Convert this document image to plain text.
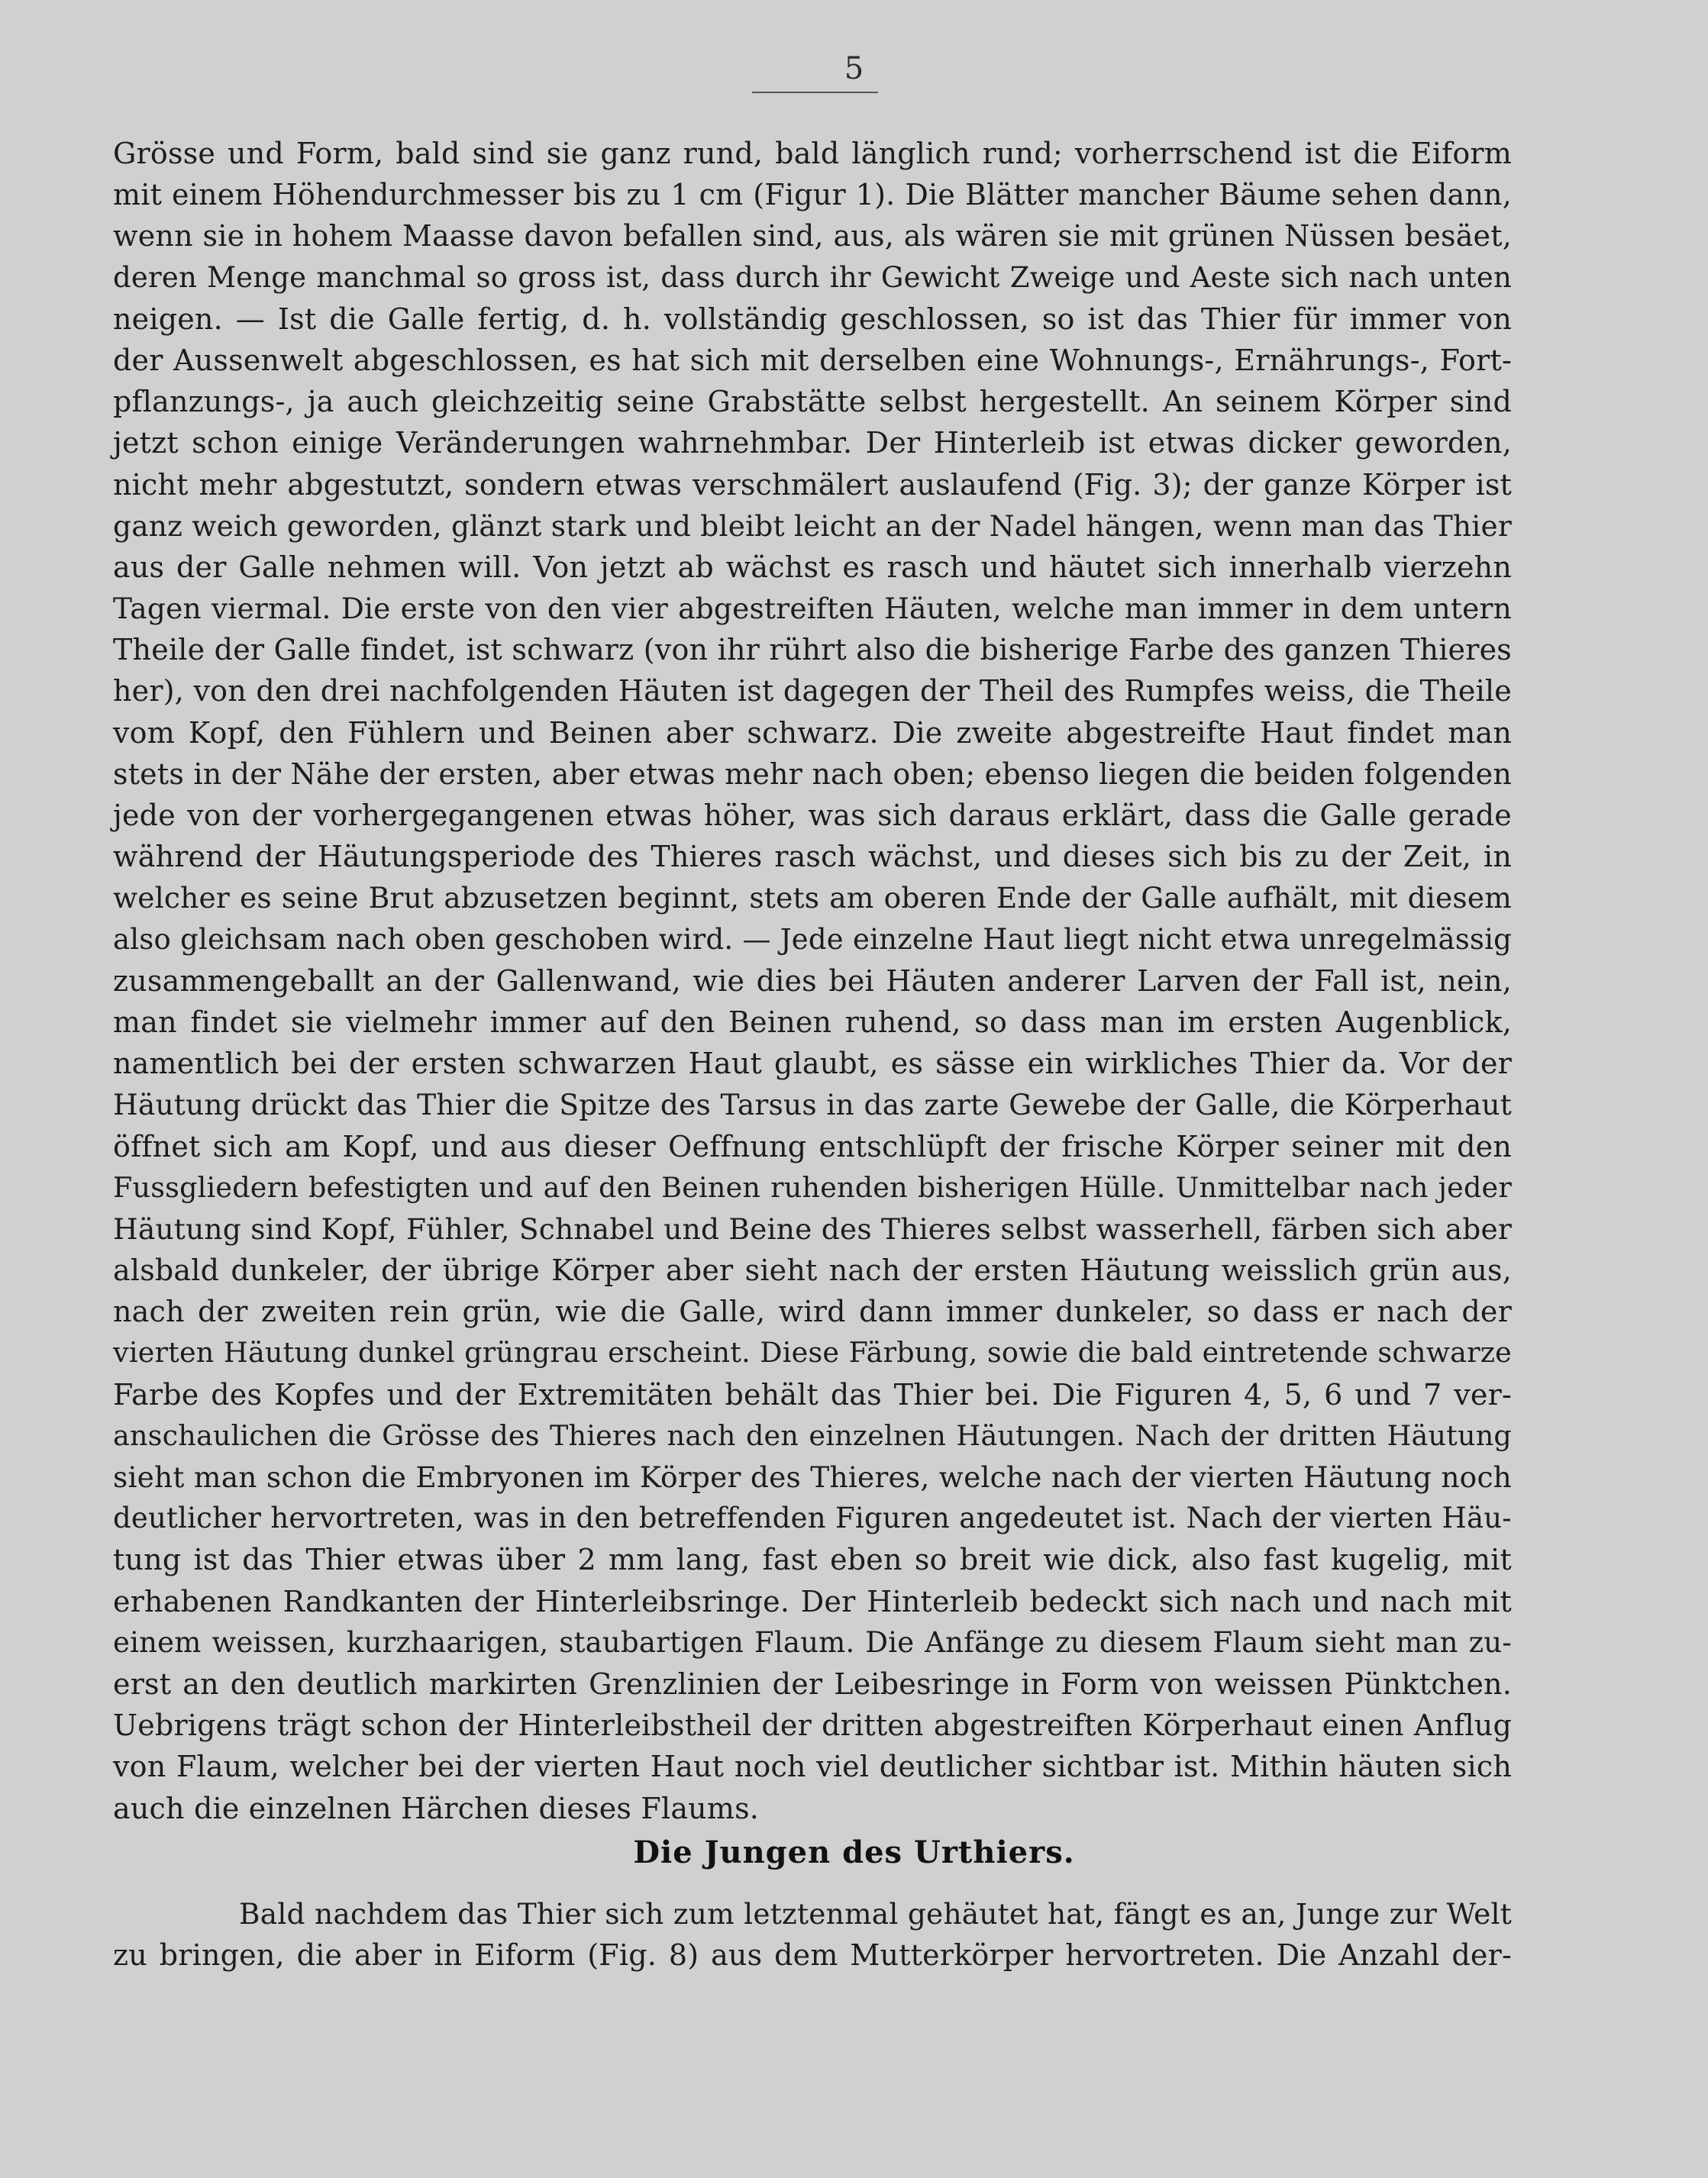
5
Grösse und Form, bald sind sie ganz rund, bald länglich rund; vorherrschend ist die Eiform
mit einem Höhendurchmesser bis zu 1 cm (Figur 1). Die Blätter mancher Bäume sehen dann,
wenn sie in hohem Maasse davon befallen sind, aus, als wären sie mit grünen Nüssen besäet,
deren Menge manchmal so gross ist, dass durch ihr Gewicht Zweige und Aeste sich nach unten
neigen. — Ist die Galle fertig, d. h. vollständig geschlossen, so ist das Thier für immer von
der Aussenwelt abgeschlossen, es hat sich mit derselben eine Wohnungs-, Ernährungs-, Fort-
pflanzungs-, ja auch gleichzeitig seine Grabstätte selbst hergestellt. An seinem Körper sind
jetzt schon einige Veränderungen wahrnehmbar. Der Hinterleib ist etwas dicker geworden,
nicht mehr abgestutzt, sondern etwas verschmälert auslaufend (Fig. 3); der ganze Körper ist
ganz weich geworden, glänzt stark und bleibt leicht an der Nadel hängen, wenn man das Thier
aus der Galle nehmen will. Von jetzt ab wächst es rasch und häutet sich innerhalb vierzehn
Tagen viermal. Die erste von den vier abgestreiften Häuten, welche man immer in dem untern
Theile der Galle findet, ist schwarz (von ihr rührt also die bisherige Farbe des ganzen Thieres
her), von den drei nachfolgenden Häuten ist dagegen der Theil des Rumpfes weiss, die Theile
vom Kopf, den Fühlern und Beinen aber schwarz. Die zweite abgestreifte Haut findet man
stets in der Nähe der ersten, aber etwas mehr nach oben; ebenso liegen die beiden folgenden
jede von der vorhergegangenen etwas höher, was sich daraus erklärt, dass die Galle gerade
während der Häutungsperiode des Thieres rasch wächst, und dieses sich bis zu der Zeit, in
welcher es seine Brut abzusetzen beginnt, stets am oberen Ende der Galle aufhält, mit diesem
also gleichsam nach oben geschoben wird. — Jede einzelne Haut liegt nicht etwa unregelmässig
zusammengeballt an der Gallenwand, wie dies bei Häuten anderer Larven der Fall ist, nein,
man findet sie vielmehr immer auf den Beinen ruhend, so dass man im ersten Augenblick,
namentlich bei der ersten schwarzen Haut glaubt, es sässe ein wirkliches Thier da. Vor der
Häutung drückt das Thier die Spitze des Tarsus in das zarte Gewebe der Galle, die Körperhaut
öffnet sich am Kopf, und aus dieser Oeffnung entschlüpft der frische Körper seiner mit den
Fussgliedern befestigten und auf den Beinen ruhenden bisherigen Hülle. Unmittelbar nach jeder
Häutung sind Kopf, Fühler, Schnabel und Beine des Thieres selbst wasserhell, färben sich aber
alsbald dunkeler, der übrige Körper aber sieht nach der ersten Häutung weisslich grün aus,
nach der zweiten rein grün, wie die Galle, wird dann immer dunkeler, so dass er nach der
vierten Häutung dunkel grüngrau erscheint. Diese Färbung, sowie die bald eintretende schwarze
Farbe des Kopfes und der Extremitäten behält das Thier bei. Die Figuren 4, 5, 6 und 7 ver-
anschaulichen die Grösse des Thieres nach den einzelnen Häutungen. Nach der dritten Häutung
sieht man schon die Embryonen im Körper des Thieres, welche nach der vierten Häutung noch
deutlicher hervortreten, was in den betreffenden Figuren angedeutet ist. Nach der vierten Häu-
tung ist das Thier etwas über 2 mm lang, fast eben so breit wie dick, also fast kugelig, mit
erhabenen Randkanten der Hinterleibsringe. Der Hinterleib bedeckt sich nach und nach mit
einem weissen, kurzhaarigen, staubartigen Flaum. Die Anfänge zu diesem Flaum sieht man zu-
erst an den deutlich markirten Grenzlinien der Leibesringe in Form von weissen Pünktchen.
Uebrigens trägt schon der Hinterleibstheil der dritten abgestreiften Körperhaut einen Anflug
von Flaum, welcher bei der vierten Haut noch viel deutlicher sichtbar ist. Mithin häuten sich
auch die einzelnen Härchen dieses Flaums.
Die Jungen des Urthiers.
Bald nachdem das Thier sich zum letztenmal gehäutet hat, fängt es an, Junge zur Welt
zu bringen, die aber in Eiform (Fig. 8) aus dem Mutterkörper hervortreten. Die Anzahl der-
